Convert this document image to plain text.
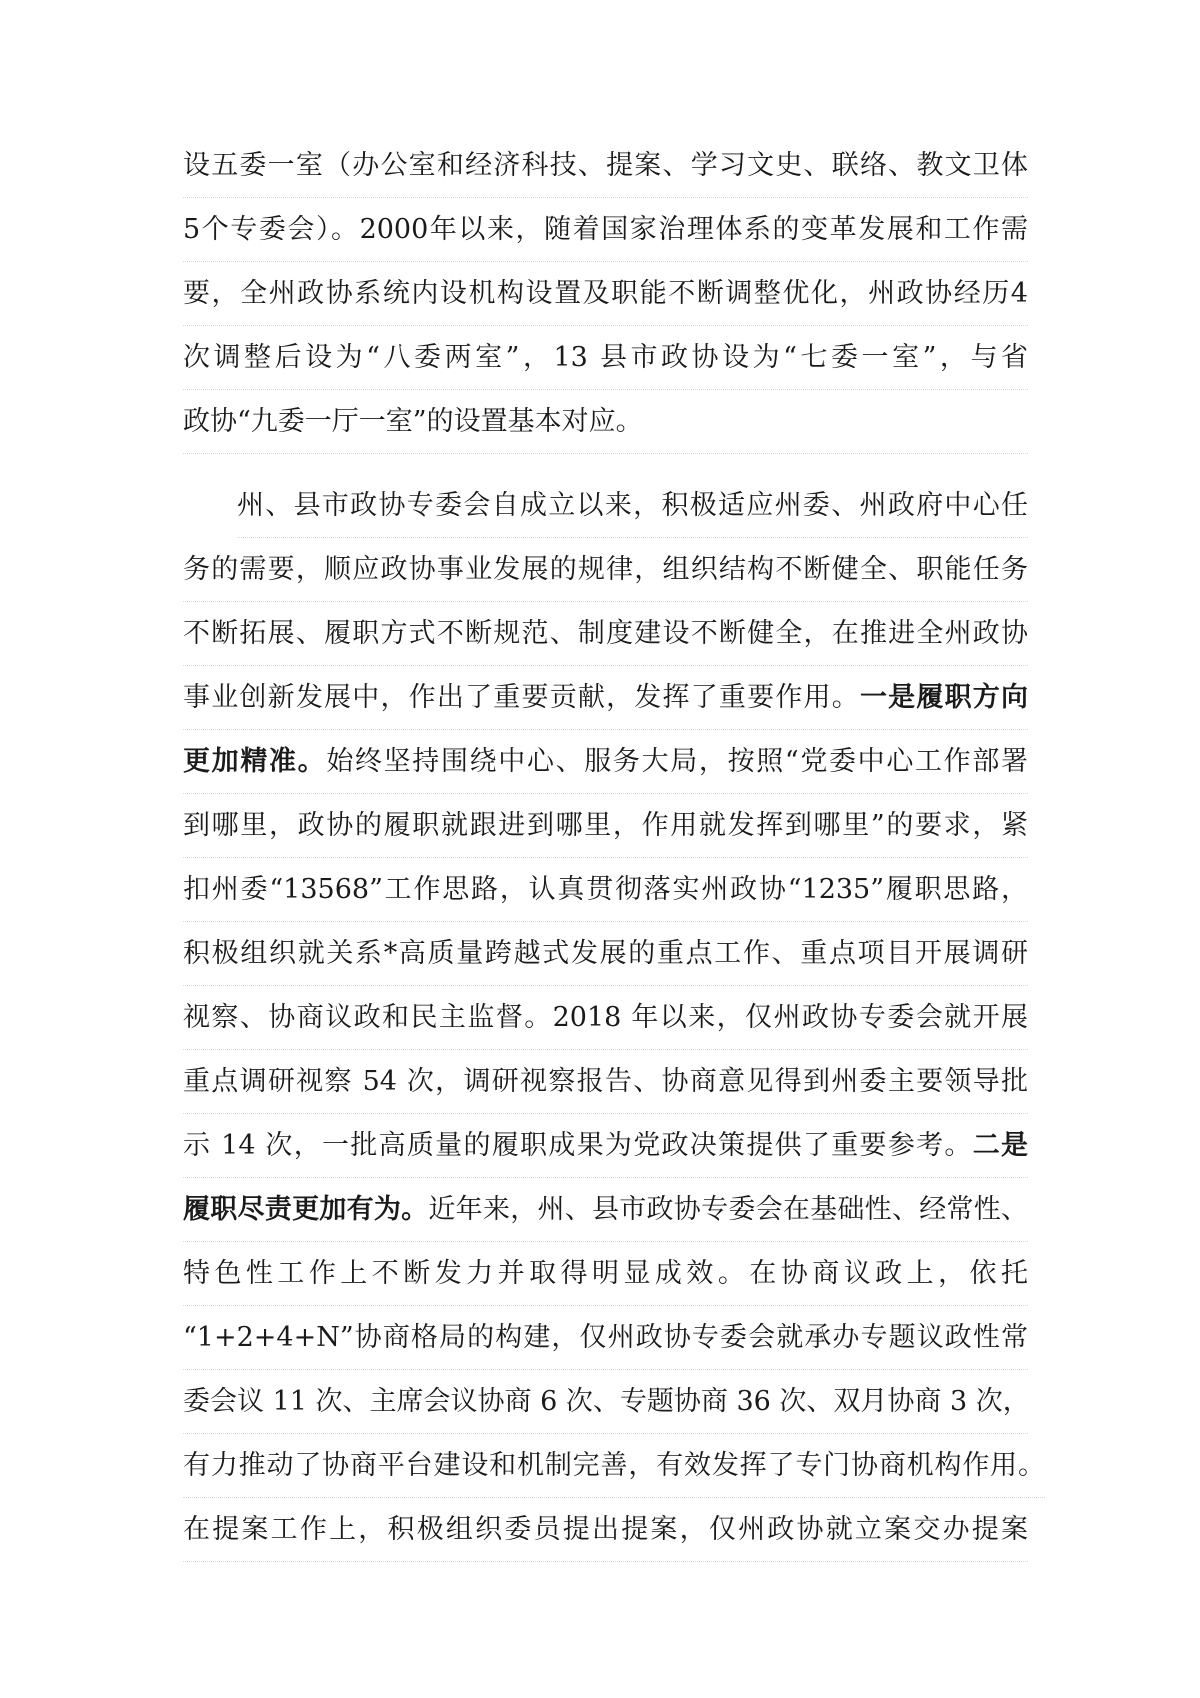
设五委一室（办公室和经济科技、提案、学习文史、联络、教文卫体
5个专委会）。2000年以来，随着国家治理体系的变革发展和工作需
要，全州政协系统内设机构设置及职能不断调整优化，州政协经历4
次调整后设为“八委两室”，13 县市政协设为“七委一室”，与省
政协“九委一厅一室”的设置基本对应。
州、县市政协专委会自成立以来，积极适应州委、州政府中心任
务的需要，顺应政协事业发展的规律，组织结构不断健全、职能任务
不断拓展、履职方式不断规范、制度建设不断健全，在推进全州政协
事业创新发展中，作出了重要贡献，发挥了重要作用。一是履职方向
更加精准。始终坚持围绕中心、服务大局，按照“党委中心工作部署
到哪里，政协的履职就跟进到哪里，作用就发挥到哪里”的要求，紧
扣州委“13568”工作思路，认真贯彻落实州政协“1235”履职思路，
积极组织就关系*高质量跨越式发展的重点工作、重点项目开展调研
视察、协商议政和民主监督。2018 年以来，仅州政协专委会就开展
重点调研视察 54 次，调研视察报告、协商意见得到州委主要领导批
示 14 次，一批高质量的履职成果为党政决策提供了重要参考。二是
履职尽责更加有为。近年来，州、县市政协专委会在基础性、经常性、
特色性工作上不断发力并取得明显成效。在协商议政上，依托
“1+2+4+N”协商格局的构建，仅州政协专委会就承办专题议政性常
委会议 11 次、主席会议协商 6 次、专题协商 36 次、双月协商 3 次，
有力推动了协商平台建设和机制完善，有效发挥了专门协商机构作用。
在提案工作上，积极组织委员提出提案，仅州政协就立案交办提案
